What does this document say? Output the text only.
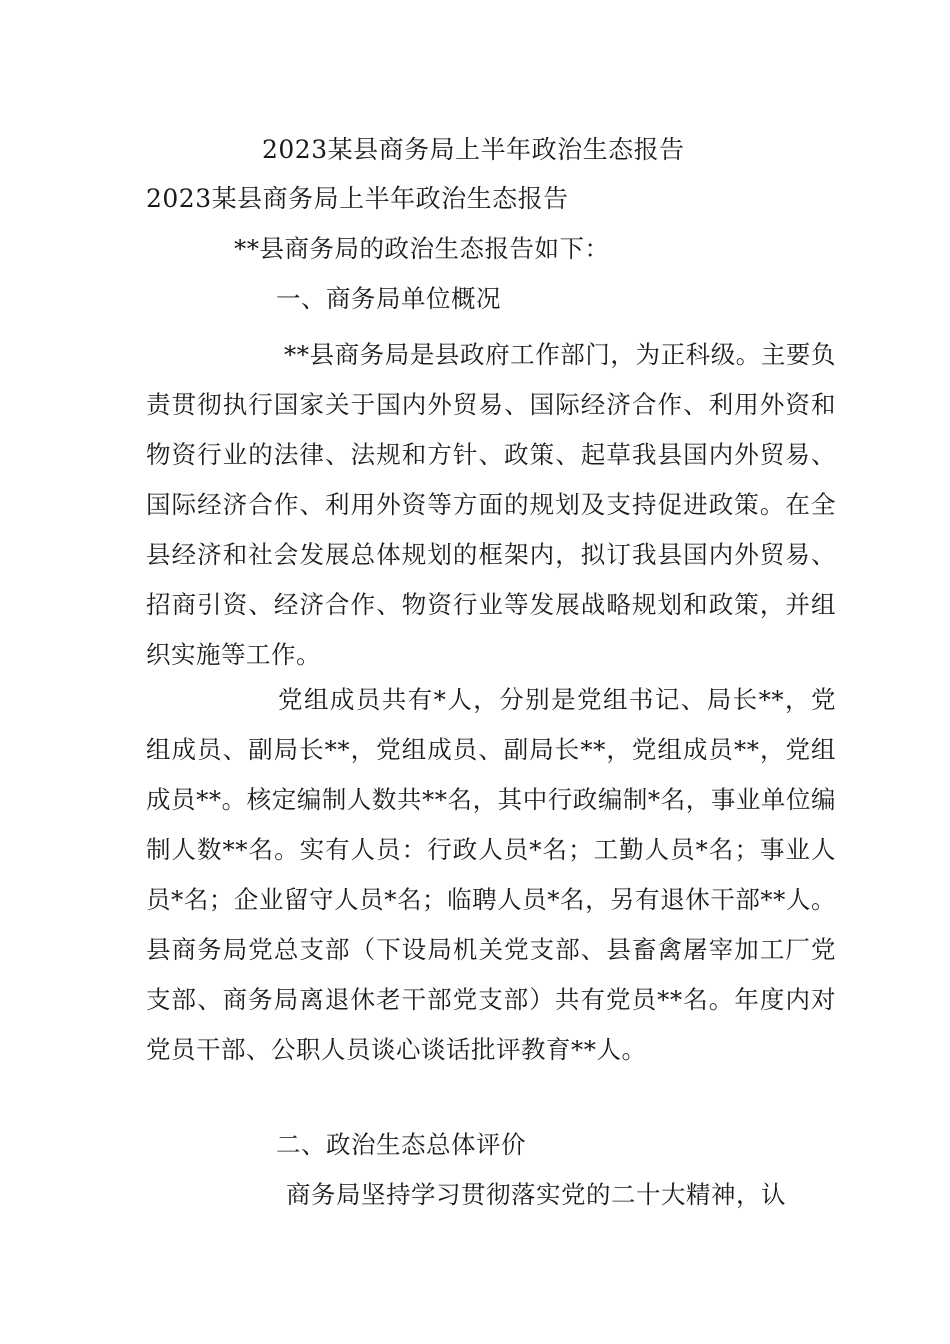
2023某县商务局上半年政治生态报告
2023某县商务局上半年政治生态报告
**县商务局的政治生态报告如下：
一、商务局单位概况
**县商务局是县政府工作部门，为正科级。主要负责贯彻执行国家关于国内外贸易、国际经济合作、利用外资和物资行业的法律、法规和方针、政策、起草我县国内外贸易、国际经济合作、利用外资等方面的规划及支持促进政策。在全县经济和社会发展总体规划的框架内，拟订我县国内外贸易、招商引资、经济合作、物资行业等发展战略规划和政策，并组织实施等工作。
党组成员共有*人，分别是党组书记、局长**，党组成员、副局长**，党组成员、副局长**，党组成员**，党组成员**。核定编制人数共**名，其中行政编制*名，事业单位编制人数**名。实有人员：行政人员*名；工勤人员*名；事业人员*名；企业留守人员*名；临聘人员*名，另有退休干部**人。县商务局党总支部（下设局机关党支部、县畜禽屠宰加工厂党支部、商务局离退休老干部党支部）共有党员**名。年度内对党员干部、公职人员谈心谈话批评教育**人。
二、政治生态总体评价
商务局坚持学习贯彻落实党的二十大精神，认
